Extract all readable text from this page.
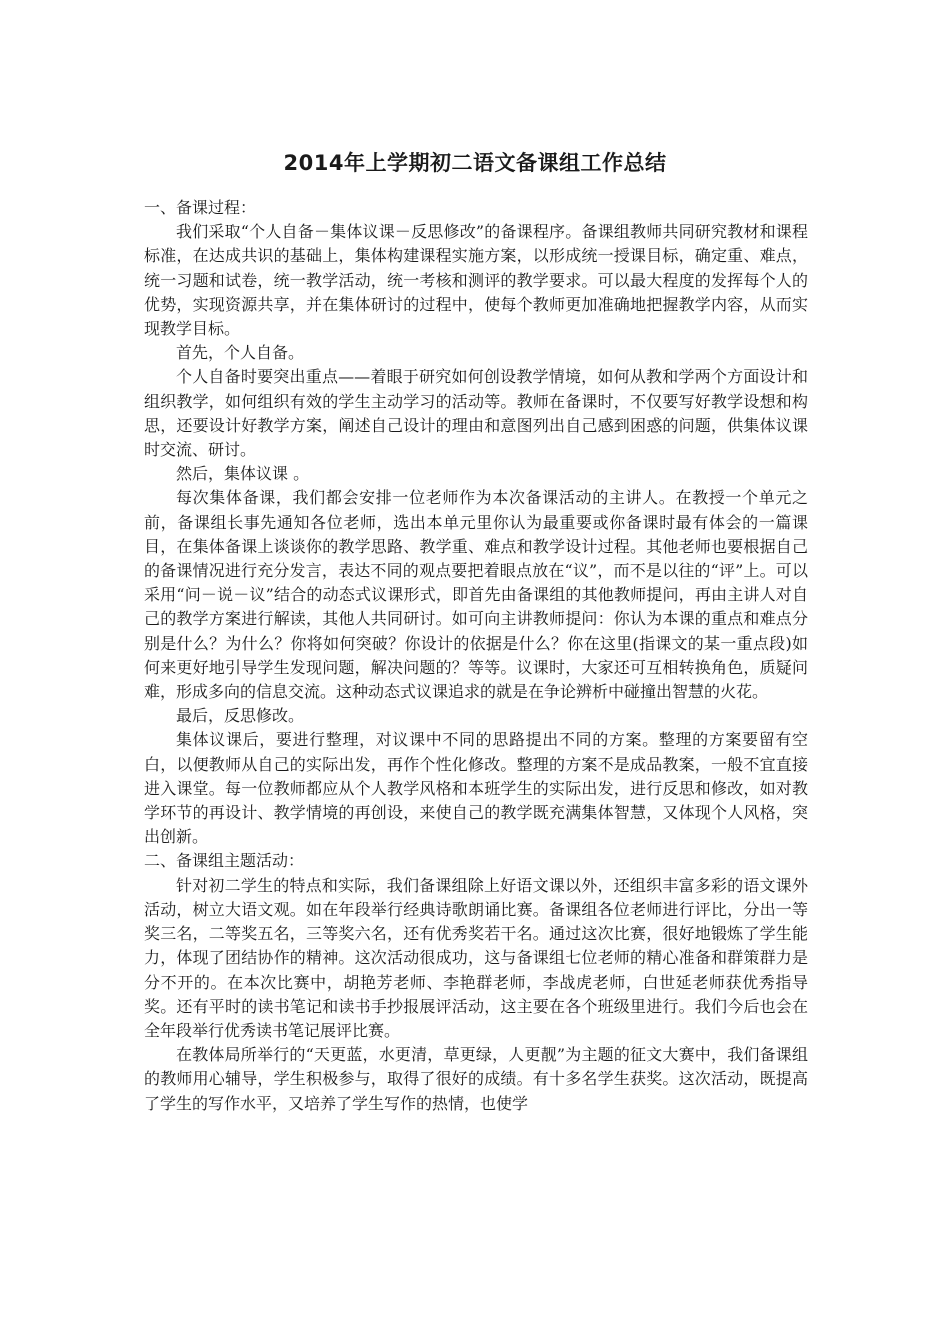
2014年上学期初二语文备课组工作总结
一、备课过程：

我们采取“个人自备－集体议课－反思修改”的备课程序。备课组教师共同研究教材和课程标准，在达成共识的基础上，集体构建课程实施方案，以形成统一授课目标，确定重、难点，统一习题和试卷，统一教学活动，统一考核和测评的教学要求。可以最大程度的发挥每个人的优势，实现资源共享，并在集体研讨的过程中，使每个教师更加准确地把握教学内容，从而实现教学目标。

首先，个人自备。

个人自备时要突出重点——着眼于研究如何创设教学情境，如何从教和学两个方面设计和组织教学，如何组织有效的学生主动学习的活动等。教师在备课时，不仅要写好教学设想和构思，还要设计好教学方案，阐述自己设计的理由和意图列出自己感到困惑的问题，供集体议课时交流、研讨。

然后，集体议课 。

每次集体备课，我们都会安排一位老师作为本次备课活动的主讲人。在教授一个单元之前，备课组长事先通知各位老师，选出本单元里你认为最重要或你备课时最有体会的一篇课目，在集体备课上谈谈你的教学思路、教学重、难点和教学设计过程。其他老师也要根据自己的备课情况进行充分发言，表达不同的观点要把着眼点放在“议”，而不是以往的“评”上。可以采用“问－说－议”结合的动态式议课形式，即首先由备课组的其他教师提问，再由主讲人对自己的教学方案进行解读，其他人共同研讨。如可向主讲教师提问：你认为本课的重点和难点分别是什么？为什么？你将如何突破？你设计的依据是什么？你在这里(指课文的某一重点段)如何来更好地引导学生发现问题，解决问题的？等等。议课时，大家还可互相转换角色，质疑问难，形成多向的信息交流。这种动态式议课追求的就是在争论辨析中碰撞出智慧的火花。

最后，反思修改。

集体议课后，要进行整理，对议课中不同的思路提出不同的方案。整理的方案要留有空白，以便教师从自己的实际出发，再作个性化修改。整理的方案不是成品教案，一般不宜直接进入课堂。每一位教师都应从个人教学风格和本班学生的实际出发，进行反思和修改，如对教学环节的再设计、教学情境的再创设，来使自己的教学既充满集体智慧，又体现个人风格，突出创新。

二、备课组主题活动：

针对初二学生的特点和实际，我们备课组除上好语文课以外，还组织丰富多彩的语文课外活动，树立大语文观。如在年段举行经典诗歌朗诵比赛。备课组各位老师进行评比，分出一等奖三名，二等奖五名，三等奖六名，还有优秀奖若干名。通过这次比赛，很好地锻炼了学生能力，体现了团结协作的精神。这次活动很成功，这与备课组七位老师的精心准备和群策群力是分不开的。在本次比赛中，胡艳芳老师、李艳群老师，李战虎老师，白世延老师获优秀指导奖。还有平时的读书笔记和读书手抄报展评活动，这主要在各个班级里进行。我们今后也会在全年段举行优秀读书笔记展评比赛。

在教体局所举行的“天更蓝，水更清，草更绿，人更靓”为主题的征文大赛中，我们备课组的教师用心辅导，学生积极参与，取得了很好的成绩。有十多名学生获奖。这次活动，既提高了学生的写作水平，又培养了学生写作的热情，也使学
